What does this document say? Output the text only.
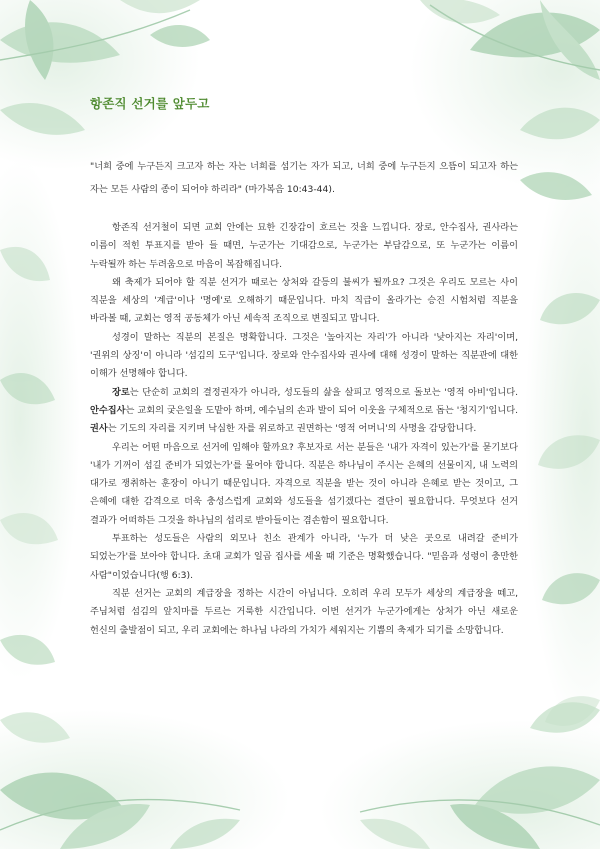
항존직 선거를 앞두고

"너희 중에 누구든지 크고자 하는 자는 너희를 섬기는 자가 되고, 너희 중에 누구든지 으뜸이 되고자 하는 자는 모든 사람의 종이 되어야 하리라" (마가복음 10:43-44).

항존직 선거철이 되면 교회 안에는 묘한 긴장감이 흐르는 것을 느낍니다. 장로, 안수집사, 권사라는 이름이 적힌 투표지를 받아 들 때면, 누군가는 기대감으로, 누군가는 부담감으로, 또 누군가는 이름이 누락될까 하는 두려움으로 마음이 복잡해집니다.

왜 축제가 되어야 할 직분 선거가 때로는 상처와 갈등의 불씨가 될까요? 그것은 우리도 모르는 사이 직분을 세상의 '계급'이나 '명예'로 오해하기 때문입니다. 마치 직급이 올라가는 승진 시험처럼 직분을 바라볼 때, 교회는 영적 공동체가 아닌 세속적 조직으로 변질되고 맙니다.

성경이 말하는 직분의 본질은 명확합니다. 그것은 '높아지는 자리'가 아니라 '낮아지는 자리'이며, '권위의 상징'이 아니라 '섬김의 도구'입니다. 장로와 안수집사와 권사에 대해 성경이 말하는 직분관에 대한 이해가 선명해야 합니다.

장로는 단순히 교회의 결정권자가 아니라, 성도들의 삶을 살피고 영적으로 돌보는 '영적 아비'입니다. 안수집사는 교회의 궂은일을 도맡아 하며, 예수님의 손과 발이 되어 이웃을 구체적으로 돕는 '청지기'입니다. 권사는 기도의 자리를 지키며 낙심한 자를 위로하고 권면하는 '영적 어머니'의 사명을 감당합니다.

우리는 어떤 마음으로 선거에 임해야 할까요? 후보자로 서는 분들은 '내가 자격이 있는가'를 묻기보다 '내가 기꺼이 섬길 준비가 되었는가'를 물어야 합니다. 직분은 하나님이 주시는 은혜의 선물이지, 내 노력의 대가로 쟁취하는 훈장이 아니기 때문입니다. 자격으로 직분을 받는 것이 아니라 은혜로 받는 것이고, 그 은혜에 대한 감격으로 더욱 충성스럽게 교회와 성도들을 섬기겠다는 결단이 필요합니다. 무엇보다 선거 결과가 어떠하든 그것을 하나님의 섭리로 받아들이는 겸손함이 필요합니다.

투표하는 성도들은 사람의 외모나 친소 관계가 아니라, '누가 더 낮은 곳으로 내려갈 준비가 되었는가'를 보아야 합니다. 초대 교회가 일곱 집사를 세울 때 기준은 명확했습니다. "믿음과 성령이 충만한 사람"이었습니다(행 6:3).

직분 선거는 교회의 계급장을 정하는 시간이 아닙니다. 오히려 우리 모두가 세상의 계급장을 떼고, 주님처럼 섬김의 앞치마를 두르는 거룩한 시간입니다. 이번 선거가 누군가에게는 상처가 아닌 새로운 헌신의 출발점이 되고, 우리 교회에는 하나님 나라의 가치가 세워지는 기쁨의 축제가 되기를 소망합니다.
